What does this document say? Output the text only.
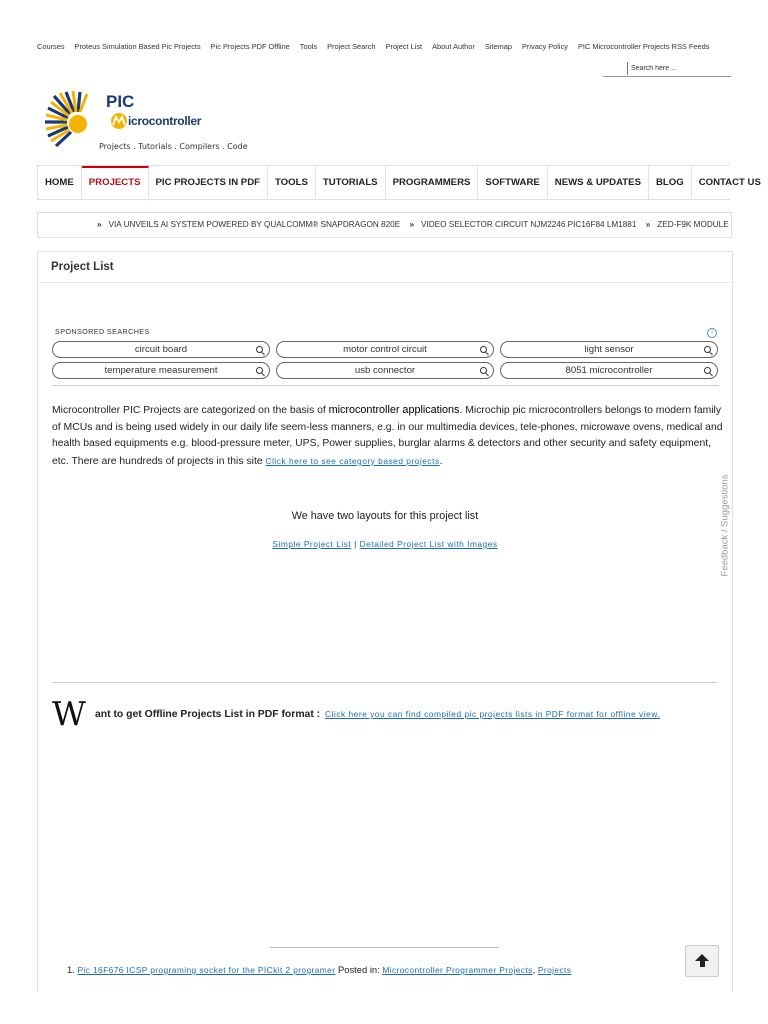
Courses Proteus Simulation Based Pic Projects Pic Projects PDF Offline Tools Project Search Project List About Author Sitemap Privacy Policy PIC Microcontroller Projects RSS Feeds
Search here ...
PIC
icrocontroller
Projects . Tutorials . Compilers . Code
HOME	PROJECTS	PIC PROJECTS IN PDF	TOOLS	TUTORIALS	PROGRAMMERS	SOFTWARE	NEWS & UPDATES	BLOG	CONTACT US
» VIA UNVEILS AI SYSTEM POWERED BY QUALCOMM® SNAPDRAGON 820E » VIDEO SELECTOR CIRCUIT NJM2246 PIC16F84 LM1881 » ZED-F9K MODULE
Project List
SPONSORED SEARCHES	i
circuit board	motor control circuit	light sensor
temperature measurement	usb connector	8051 microcontroller
Microcontroller PIC Projects are categorized on the basis of microcontroller applications. Microchip pic microcontrollers belongs to modern family of MCUs and is being used widely in our daily life seem-less manners, e.g. in our multimedia devices, tele-phones, microwave ovens, medical and health based equipments e.g. blood-pressure meter, UPS, Power supplies, burglar alarms & detectors and other security and safety equipment, etc. There are hundreds of projects in this site Click here to see category based projects.
We have two layouts for this project list
Simple Project List | Detailed Project List with Images
W ant to get Offline Projects List in PDF format : Click here you can find compiled pic projects lists in PDF format for offline view.
1. Pic 16F676 ICSP programing socket for the PICkit 2 programer Posted in: Microcontroller Programmer Projects, Projects
Feedback / Suggestions
